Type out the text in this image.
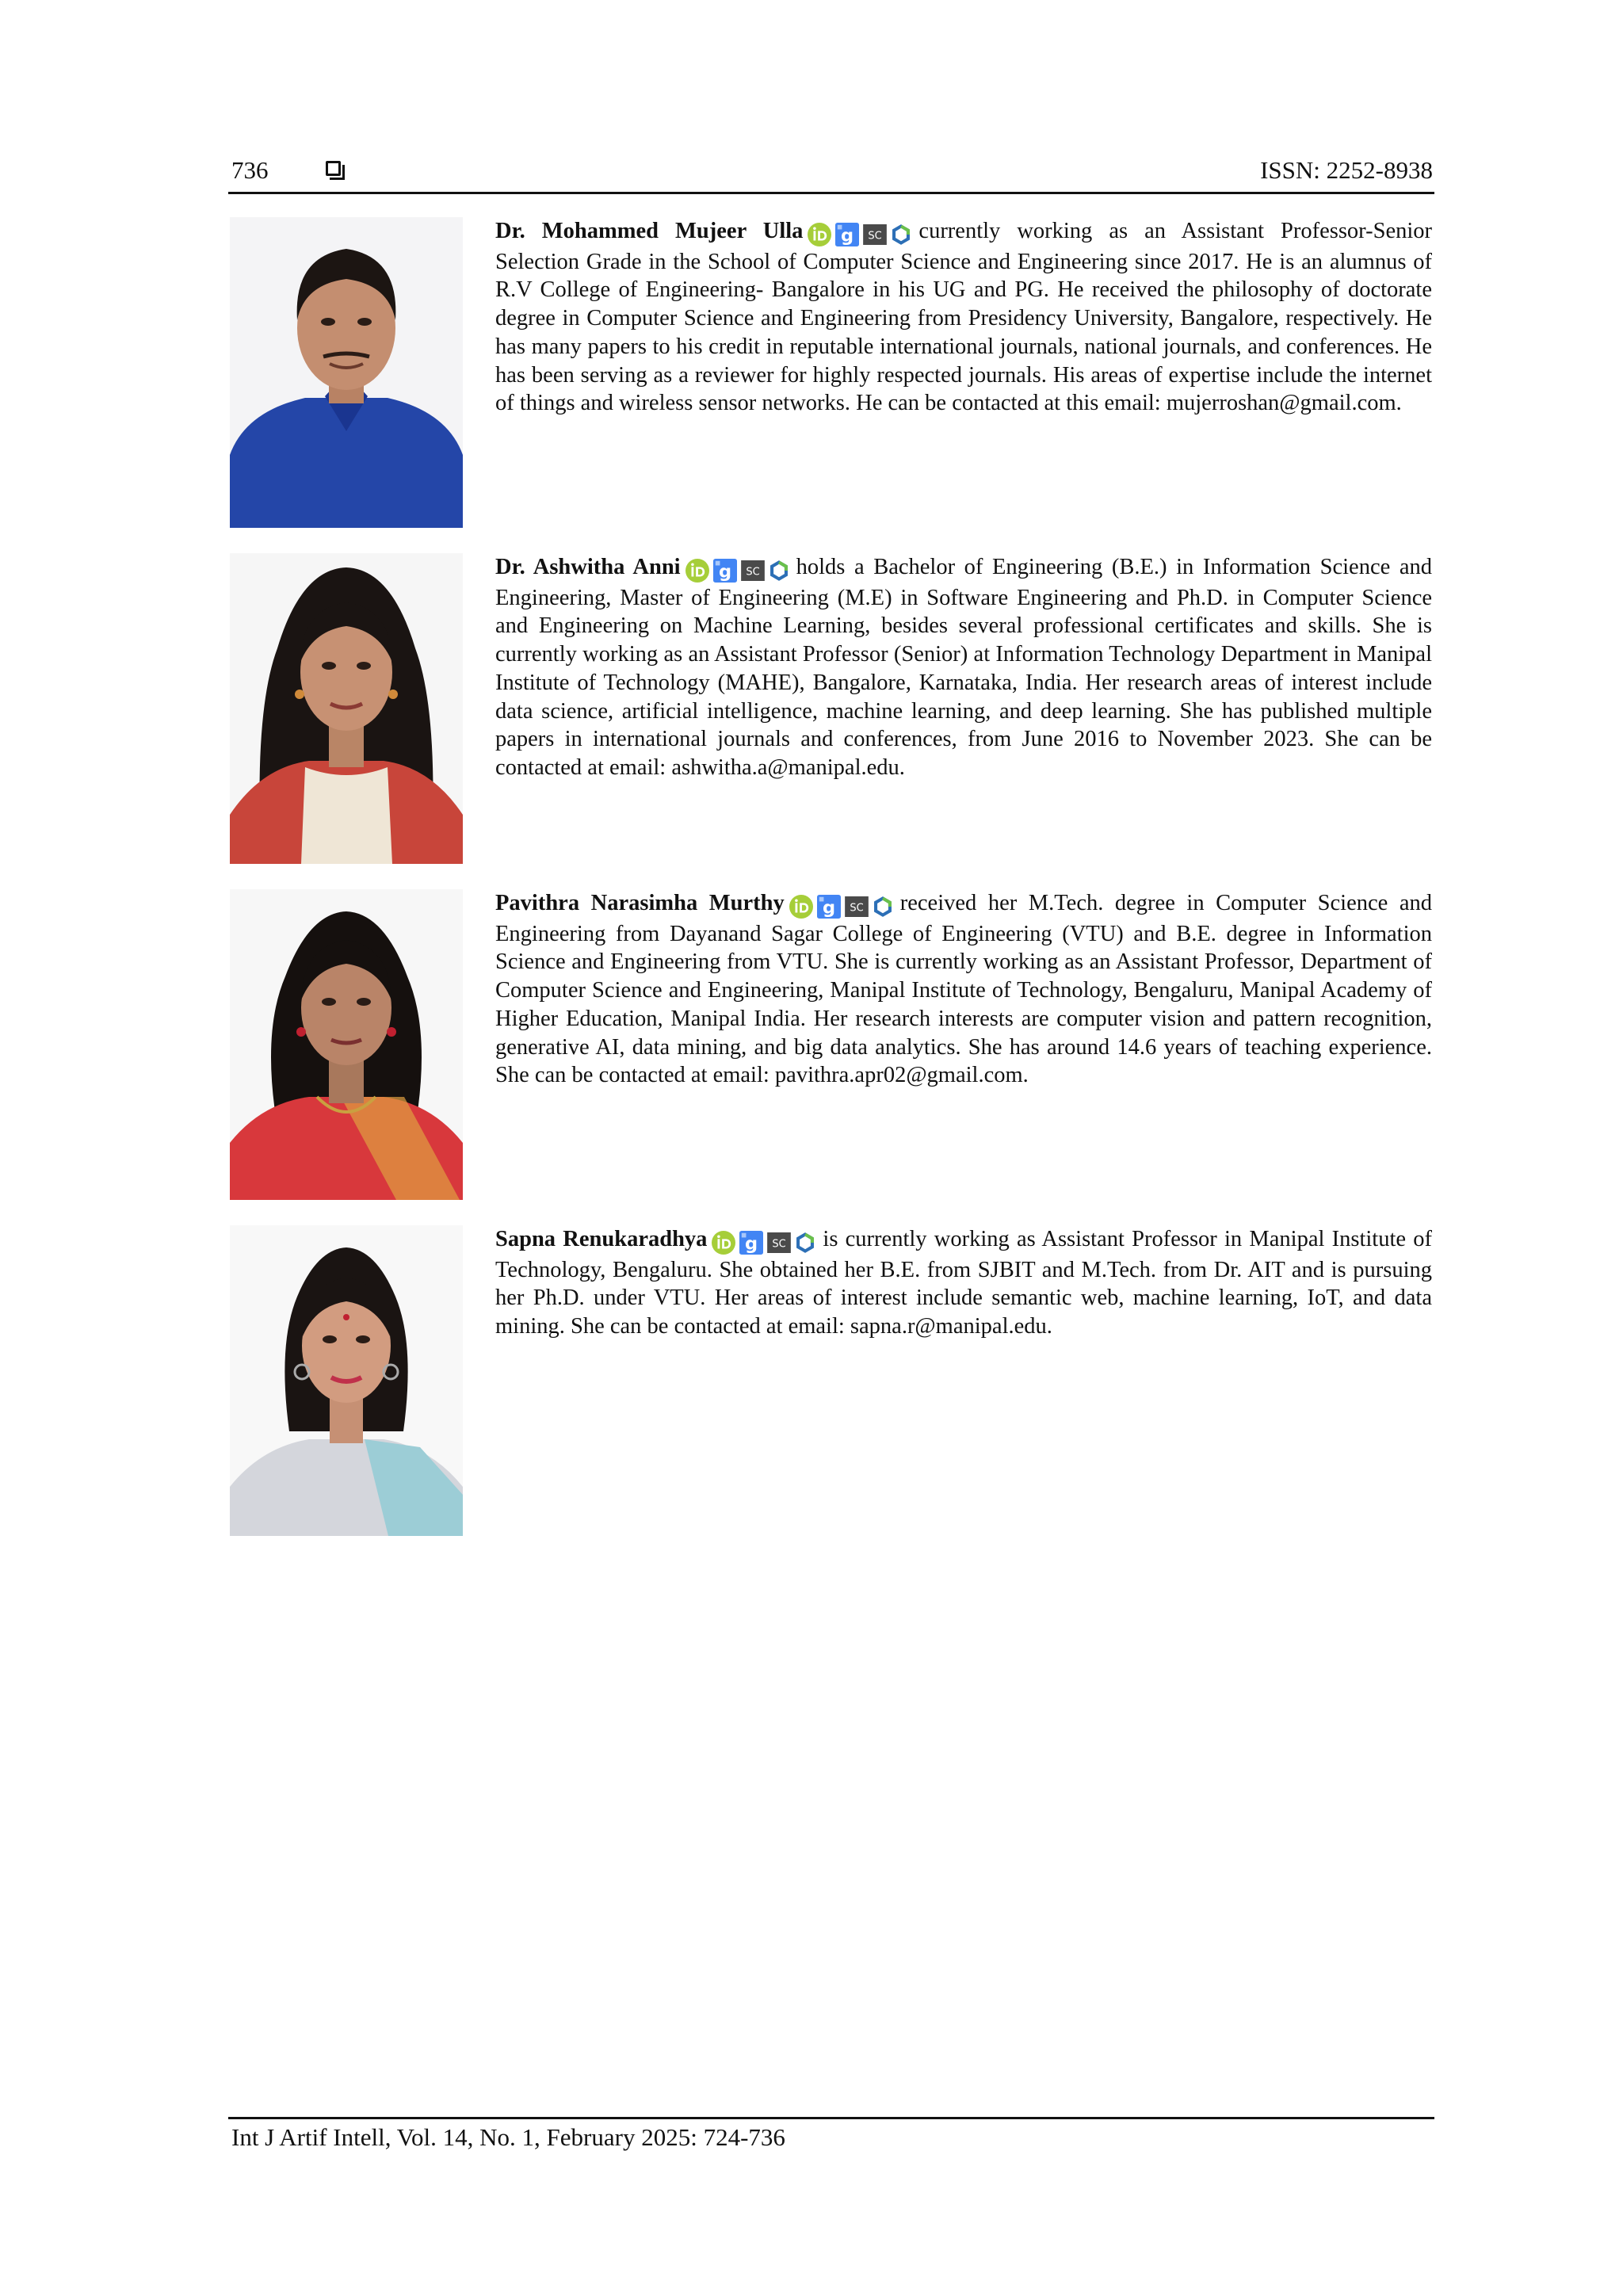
736	ISSN: 2252-8938
Dr. Mohammed Mujeer Ulla	currently working as an Assistant Professor-Senior Selection Grade in the School of Computer Science and Engineering since 2017. He is an alumnus of R.V College of Engineering- Bangalore in his UG and PG. He received the philosophy of doctorate degree in Computer Science and Engineering from Presidency University, Bangalore, respectively. He has many papers to his credit in reputable international journals, national journals, and conferences. He has been serving as a reviewer for highly respected journals. His areas of expertise include the internet of things and wireless sensor networks. He can be contacted at this email: mujerroshan@gmail.com.
Dr. Ashwitha Anni	holds a Bachelor of Engineering (B.E.) in Information Science and Engineering, Master of Engineering (M.E) in Software Engineering and Ph.D. in Computer Science and Engineering on Machine Learning, besides several professional certificates and skills. She is currently working as an Assistant Professor (Senior) at Information Technology Department in Manipal Institute of Technology (MAHE), Bangalore, Karnataka, India. Her research areas of interest include data science, artificial intelligence, machine learning, and deep learning. She has published multiple papers in international journals and conferences, from June 2016 to November 2023. She can be contacted at email: ashwitha.a@manipal.edu.
Pavithra Narasimha Murthy	received her M.Tech. degree in Computer Science and Engineering from Dayanand Sagar College of Engineering (VTU) and B.E. degree in Information Science and Engineering from VTU. She is currently working as an Assistant Professor, Department of Computer Science and Engineering, Manipal Institute of Technology, Bengaluru, Manipal Academy of Higher Education, Manipal India. Her research interests are computer vision and pattern recognition, generative AI, data mining, and big data analytics. She has around 14.6 years of teaching experience. She can be contacted at email: pavithra.apr02@gmail.com.
Sapna Renukaradhya	is currently working as Assistant Professor in Manipal Institute of Technology, Bengaluru. She obtained her B.E. from SJBIT and M.Tech. from Dr. AIT and is pursuing her Ph.D. under VTU. Her areas of interest include semantic web, machine learning, IoT, and data mining. She can be contacted at email: sapna.r@manipal.edu.
Int J Artif Intell, Vol. 14, No. 1, February 2025: 724-736
